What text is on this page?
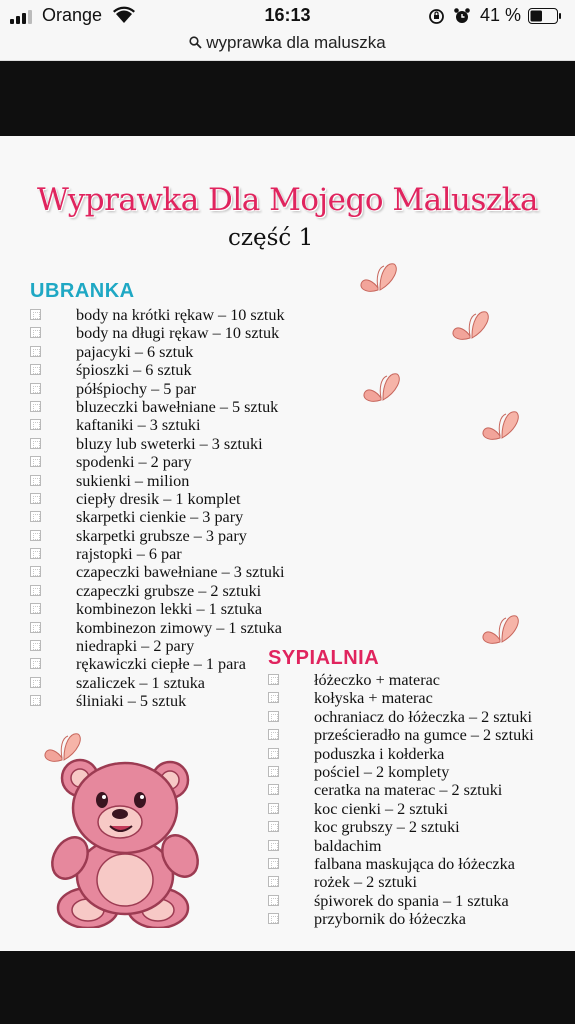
Orange	16:13	41 %
wyprawka dla maluszka
Wyprawka Dla Mojego Maluszka
część 1
UBRANKA
body na krótki rękaw – 10 sztuk
body na długi rękaw – 10 sztuk
pajacyki – 6 sztuk
śpioszki – 6 sztuk
półśpiochy – 5 par
bluzeczki bawełniane – 5 sztuk
kaftaniki – 3 sztuki
bluzy lub sweterki – 3 sztuki
spodenki – 2 pary
sukienki – milion
ciepły dresik – 1 komplet
skarpetki cienkie – 3 pary
skarpetki grubsze – 3 pary
rajstopki – 6 par
czapeczki bawełniane – 3 sztuki
czapeczki grubsze – 2 sztuki
kombinezon lekki – 1 sztuka
kombinezon zimowy – 1 sztuka
niedrapki – 2 pary
rękawiczki ciepłe – 1 para
szaliczek – 1 sztuka
śliniaki – 5 sztuk
SYPIALNIA
łóżeczko + materac
kołyska + materac
ochraniacz do łóżeczka – 2 sztuki
prześcieradło na gumce – 2 sztuki
poduszka i kołderka
pościel – 2 komplety
ceratka na materac – 2 sztuki
koc cienki – 2 sztuki
koc grubszy – 2 sztuki
baldachim
falbana maskująca do łóżeczka
rożek – 2 sztuki
śpiworek do spania – 1 sztuka
przybornik do łóżeczka
